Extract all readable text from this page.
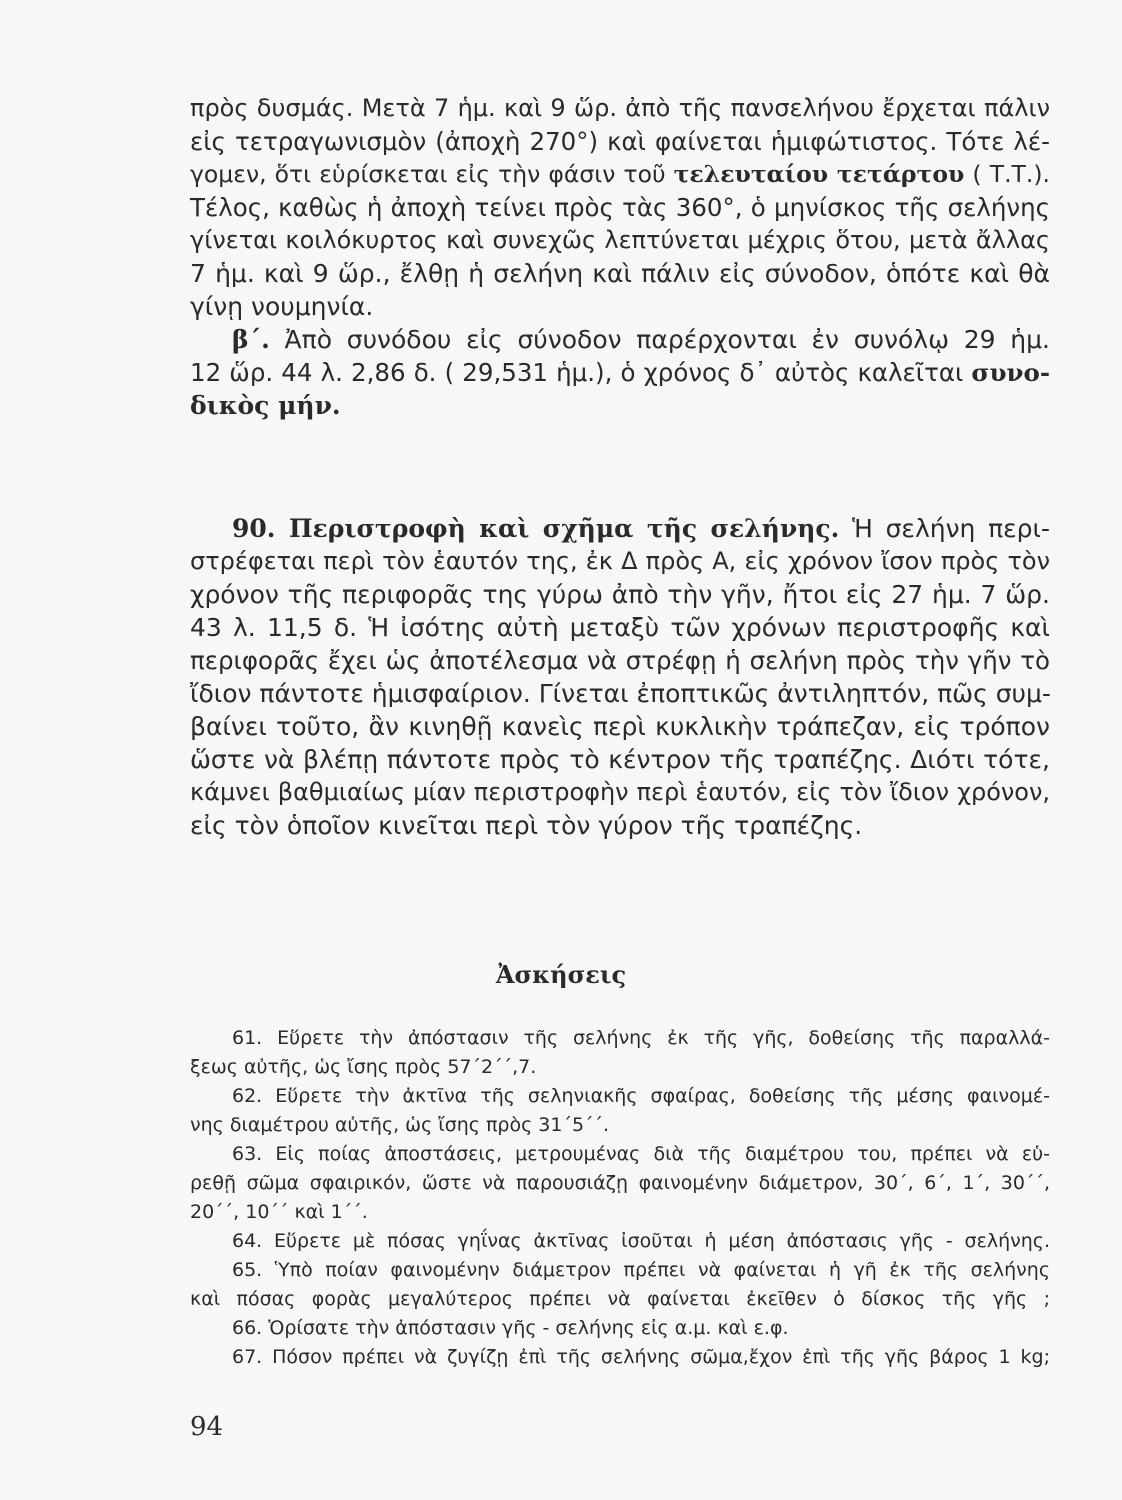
πρὸς δυσμάς. Μετὰ 7 ἡμ. καὶ 9 ὥρ. ἀπὸ τῆς πανσελήνου ἔρχεται πάλιν
εἰς τετραγωνισμὸν (ἀποχὴ 270°) καὶ φαίνεται ἡμιφώτιστος. Τότε λέ-
γομεν, ὅτι εὑρίσκεται εἰς τὴν φάσιν τοῦ τελευταίου τετάρτου ( Τ.Τ.).
Τέλος, καθὼς ἡ ἀποχὴ τείνει πρὸς τὰς 360°, ὁ μηνίσκος τῆς σελήνης
γίνεται κοιλόκυρτος καὶ συνεχῶς λεπτύνεται μέχρις ὅτου, μετὰ ἄλλας
7 ἡμ. καὶ 9 ὥρ., ἔλθῃ ἡ σελήνη καὶ πάλιν εἰς σύνοδον, ὁπότε καὶ θὰ
γίνῃ νουμηνία.
β΄. Ἀπὸ συνόδου εἰς σύνοδον παρέρχονται ἐν συνόλῳ 29 ἡμ.
12 ὥρ. 44 λ. 2,86 δ. ( 29,531 ἡμ.), ὁ χρόνος δ᾽ αὐτὸς καλεῖται συνο-
δικὸς μήν.
90. Περιστροφὴ καὶ σχῆμα τῆς σελήνης. Ἡ σελήνη περι-
στρέφεται περὶ τὸν ἑαυτόν της, ἐκ Δ πρὸς Α, εἰς χρόνον ἴσον πρὸς τὸν
χρόνον τῆς περιφορᾶς της γύρω ἀπὸ τὴν γῆν, ἤτοι εἰς 27 ἡμ. 7 ὥρ.
43 λ. 11,5 δ. Ἡ ἰσότης αὐτὴ μεταξὺ τῶν χρόνων περιστροφῆς καὶ
περιφορᾶς ἔχει ὡς ἀποτέλεσμα νὰ στρέφῃ ἡ σελήνη πρὸς τὴν γῆν τὸ
ἴδιον πάντοτε ἡμισφαίριον. Γίνεται ἐποπτικῶς ἀντιληπτόν, πῶς συμ-
βαίνει τοῦτο, ἂν κινηθῇ κανεὶς περὶ κυκλικὴν τράπεζαν, εἰς τρόπον
ὥστε νὰ βλέπῃ πάντοτε πρὸς τὸ κέντρον τῆς τραπέζης. Διότι τότε,
κάμνει βαθμιαίως μίαν περιστροφὴν περὶ ἑαυτόν, εἰς τὸν ἴδιον χρόνον,
εἰς τὸν ὁποῖον κινεῖται περὶ τὸν γύρον τῆς τραπέζης.
Ἀσκήσεις
61. Εὕρετε τὴν ἀπόστασιν τῆς σελήνης ἐκ τῆς γῆς, δοθείσης τῆς παραλλά-
ξεως αὐτῆς, ὡς ἴσης πρὸς 57΄2΄΄,7.
62. Εὕρετε τὴν ἀκτῖνα τῆς σεληνιακῆς σφαίρας, δοθείσης τῆς μέσης φαινομέ-
νης διαμέτρου αὐτῆς, ὡς ἴσης πρὸς 31΄5΄΄.
63. Εἰς ποίας ἀποστάσεις, μετρουμένας διὰ τῆς διαμέτρου του, πρέπει νὰ εὑ-
ρεθῇ σῶμα σφαιρικόν, ὥστε νὰ παρουσιάζῃ φαινομένην διάμετρον, 30΄, 6΄, 1΄, 30΄΄,
20΄΄, 10΄΄ καὶ 1΄΄.
64. Εὕρετε μὲ πόσας γηΐνας ἀκτῖνας ἰσοῦται ἡ μέση ἀπόστασις γῆς - σελήνης.
65. Ὑπὸ ποίαν φαινομένην διάμετρον πρέπει νὰ φαίνεται ἡ γῆ ἐκ τῆς σελήνης
καὶ πόσας φορὰς μεγαλύτερος πρέπει νὰ φαίνεται ἐκεῖθεν ὁ δίσκος τῆς γῆς ;
66. Ὁρίσατε τὴν ἀπόστασιν γῆς - σελήνης εἰς α.μ. καὶ ε.φ.
67. Πόσον πρέπει νὰ ζυγίζῃ ἐπὶ τῆς σελήνης σῶμα,ἔχον ἐπὶ τῆς γῆς βάρος 1 kg;
94
